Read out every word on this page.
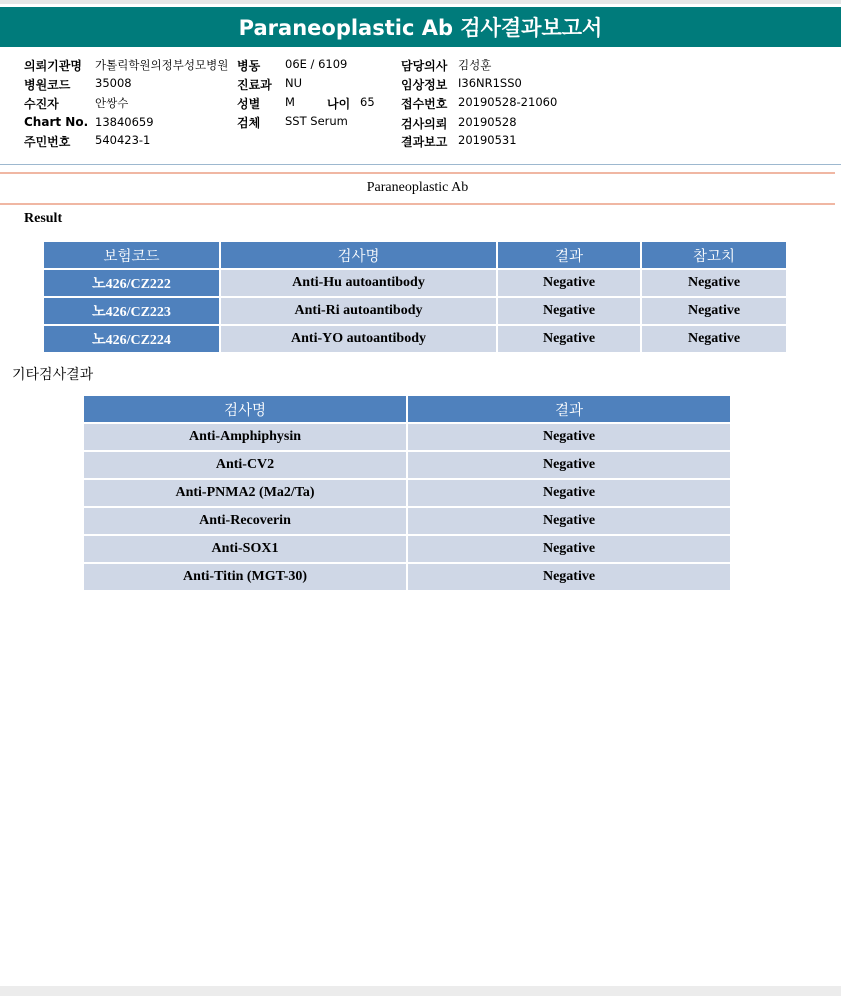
Paraneoplastic Ab 검사결과보고서
의뢰기관명 가톨릭학원의정부성모병원 병동 06E / 6109	담당의사 김성훈
병원코드 35008	진료과 NU	임상정보 I36NR1SS0
수진자	안쌍수	성별 M	나이 65 접수번호 20190528-21060
Chart No. 13840659	검체 SST Serum	검사의뢰 20190528
주민번호 540423-1	결과보고 20190531
Paraneoplastic Ab
Result
보험코드	검사명	결과	참고치
노426/CZ222	Anti-Hu autoantibody	Negative	Negative
노426/CZ223	Anti-Ri autoantibody	Negative	Negative
노426/CZ224	Anti-YO autoantibody	Negative	Negative
기타검사결과
검사명	결과
Anti-Amphiphysin	Negative
Anti-CV2	Negative
Anti-PNMA2 (Ma2/Ta)	Negative
Anti-Recoverin	Negative
Anti-SOX1	Negative
Anti-Titin (MGT-30)	Negative
